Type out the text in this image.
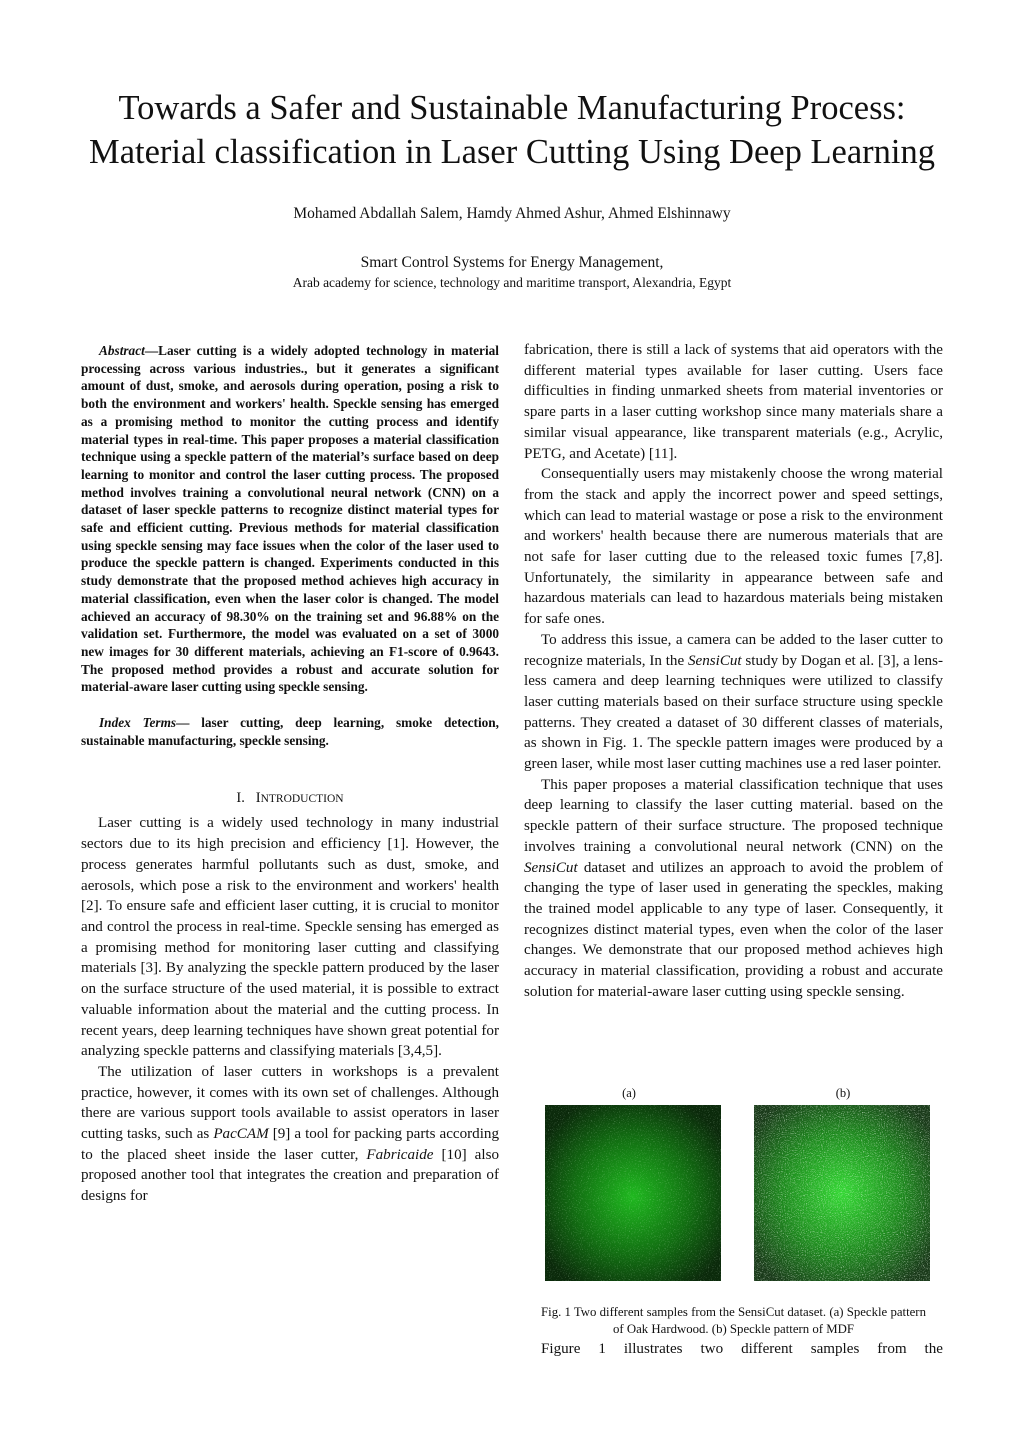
Towards a Safer and Sustainable Manufacturing Process:
Material classification in Laser Cutting Using Deep Learning
Mohamed Abdallah Salem, Hamdy Ahmed Ashur, Ahmed Elshinnawy
Smart Control Systems for Energy Management,
Arab academy for science, technology and maritime transport, Alexandria, Egypt

Abstract—Laser cutting is a widely adopted technology in material processing across various industries., but it generates a significant amount of dust, smoke, and aerosols during operation, posing a risk to both the environment and workers' health. Speckle sensing has emerged as a promising method to monitor the cutting process and identify material types in real-time. This paper proposes a material classification technique using a speckle pattern of the material’s surface based on deep learning to monitor and control the laser cutting process. The proposed method involves training a convolutional neural network (CNN) on a dataset of laser speckle patterns to recognize distinct material types for safe and efficient cutting. Previous methods for material classification using speckle sensing may face issues when the color of the laser used to produce the speckle pattern is changed. Experiments conducted in this study demonstrate that the proposed method achieves high accuracy in material classification, even when the laser color is changed. The model achieved an accuracy of 98.30% on the training set and 96.88% on the validation set. Furthermore, the model was evaluated on a set of 3000 new images for 30 different materials, achieving an F1-score of 0.9643. The proposed method provides a robust and accurate solution for material-aware laser cutting using speckle sensing.

Index Terms— laser cutting, deep learning, smoke detection, sustainable manufacturing, speckle sensing.

I. INTRODUCTION

Laser cutting is a widely used technology in many industrial sectors due to its high precision and efficiency [1]. However, the process generates harmful pollutants such as dust, smoke, and aerosols, which pose a risk to the environment and workers' health [2]. To ensure safe and efficient laser cutting, it is crucial to monitor and control the process in real-time. Speckle sensing has emerged as a promising method for monitoring laser cutting and classifying materials [3]. By analyzing the speckle pattern produced by the laser on the surface structure of the used material, it is possible to extract valuable information about the material and the cutting process. In recent years, deep learning techniques have shown great potential for analyzing speckle patterns and classifying materials [3,4,5].

The utilization of laser cutters in workshops is a prevalent practice, however, it comes with its own set of challenges. Although there are various support tools available to assist operators in laser cutting tasks, such as PacCAM [9] a tool for packing parts according to the placed sheet inside the laser cutter, Fabricaide [10] also proposed another tool that integrates the creation and preparation of designs for

fabrication, there is still a lack of systems that aid operators with the different material types available for laser cutting. Users face difficulties in finding unmarked sheets from material inventories or spare parts in a laser cutting workshop since many materials share a similar visual appearance, like transparent materials (e.g., Acrylic, PETG, and Acetate) [11].

Consequentially users may mistakenly choose the wrong material from the stack and apply the incorrect power and speed settings, which can lead to material wastage or pose a risk to the environment and workers' health because there are numerous materials that are not safe for laser cutting due to the released toxic fumes [7,8]. Unfortunately, the similarity in appearance between safe and hazardous materials can lead to hazardous materials being mistaken for safe ones.

To address this issue, a camera can be added to the laser cutter to recognize materials, In the SensiCut study by Dogan et al. [3], a lens-less camera and deep learning techniques were utilized to classify laser cutting materials based on their surface structure using speckle patterns. They created a dataset of 30 different classes of materials, as shown in Fig. 1. The speckle pattern images were produced by a green laser, while most laser cutting machines use a red laser pointer.

This paper proposes a material classification technique that uses deep learning to classify the laser cutting material. based on the speckle pattern of their surface structure. The proposed technique involves training a convolutional neural network (CNN) on the SensiCut dataset and utilizes an approach to avoid the problem of changing the type of laser used in generating the speckles, making the trained model applicable to any type of laser. Consequently, it recognizes distinct material types, even when the color of the laser changes. We demonstrate that our proposed method achieves high accuracy in material classification, providing a robust and accurate solution for material-aware laser cutting using speckle sensing.

(a)	(b)
Fig. 1 Two different samples from the SensiCut dataset. (a) Speckle pattern
of Oak Hardwood. (b) Speckle pattern of MDF
Figure 1 illustrates two different samples from the
